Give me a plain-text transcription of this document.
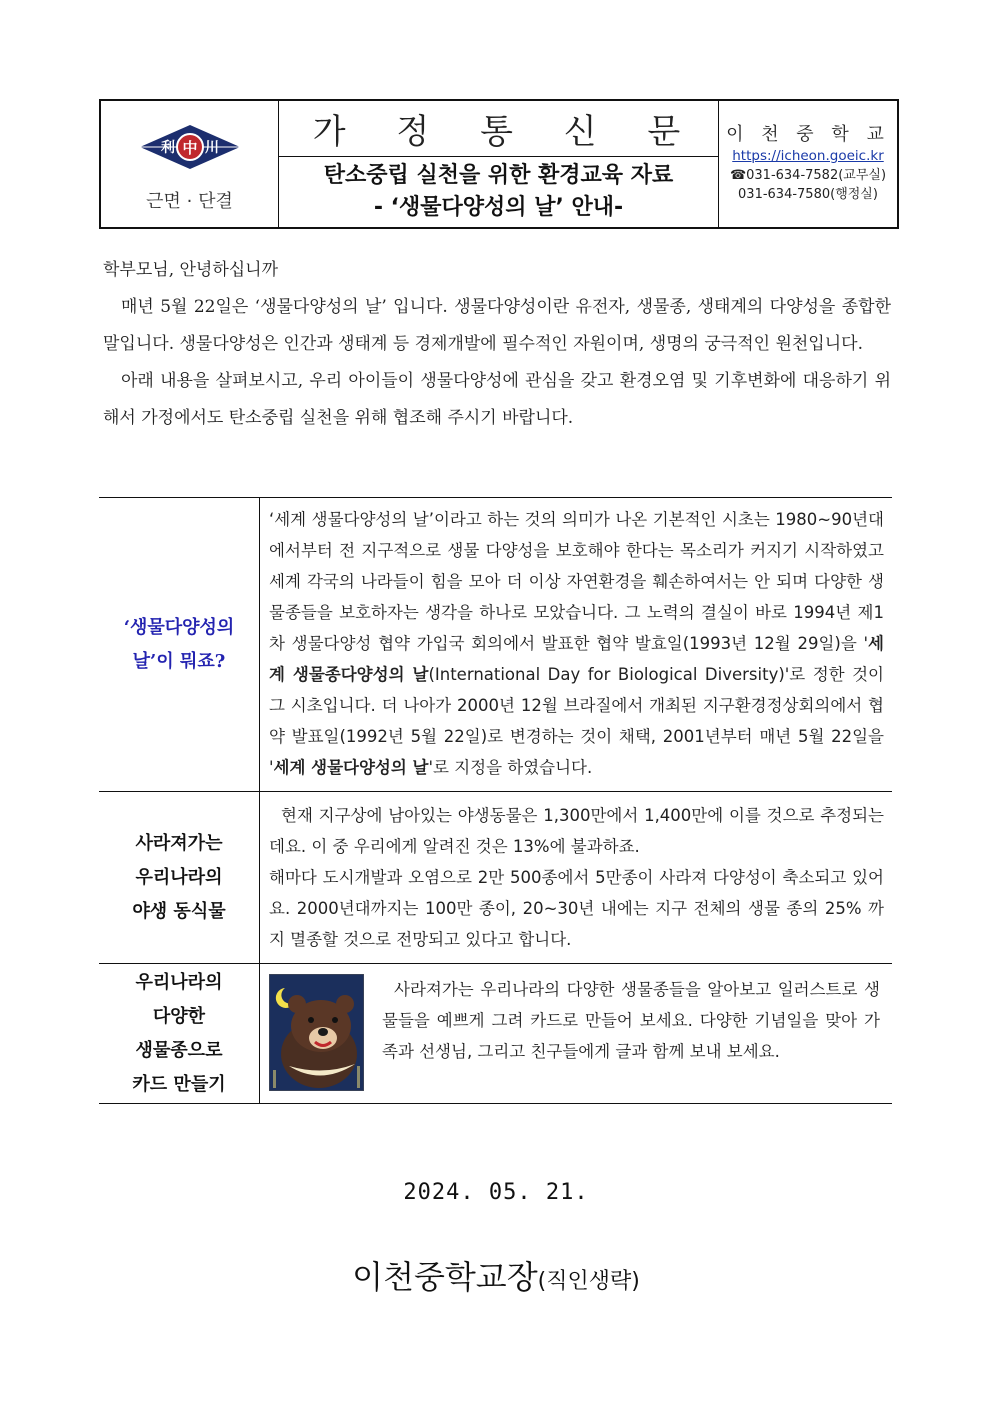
中
利 川
근면 · 단결
가 정 통 신 문
탄소중립 실천을 위한 환경교육 자료
- ‘생물다양성의 날’ 안내-
이 천 중 학 교
https://icheon.goeic.kr
☎031-634-7582(교무실)
031-634-7580(행정실)

학부모님, 안녕하십니까

매년 5월 22일은 ‘생물다양성의 날’ 입니다. 생물다양성이란 유전자, 생물종, 생태계의 다양성을 종합한 말입니다. 생물다양성은 인간과 생태계 등 경제개발에 필수적인 자원이며, 생명의 궁극적인 원천입니다.

아래 내용을 살펴보시고, 우리 아이들이 생물다양성에 관심을 갖고 환경오염 및 기후변화에 대응하기 위해서 가정에서도 탄소중립 실천을 위해 협조해 주시기 바랍니다.

‘생물다양성의 날’이 뭐죠?
‘세계 생물다양성의 날’이라고 하는 것의 의미가 나온 기본적인 시초는 1980~90년대에서부터 전 지구적으로 생물 다양성을 보호해야 한다는 목소리가 커지기 시작하였고 세계 각국의 나라들이 힘을 모아 더 이상 자연환경을 훼손하여서는 안 되며 다양한 생물종들을 보호하자는 생각을 하나로 모았습니다. 그 노력의 결실이 바로 1994년 제1차 생물다양성 협약 가입국 회의에서 발표한 협약 발효일(1993년 12월 29일)을 '세계 생물종다양성의 날(International Day for Biological Diversity)'로 정한 것이 그 시초입니다. 더 나아가 2000년 12월 브라질에서 개최된 지구환경정상회의에서 협약 발표일(1992년 5월 22일)로 변경하는 것이 채택, 2001년부터 매년 5월 22일을 '세계 생물다양성의 날'로 지정을 하였습니다.
사라져가는
우리나라의
야생 동식물
현재 지구상에 남아있는 야생동물은 1,300만에서 1,400만에 이를 것으로 추정되는데요. 이 중 우리에게 알려진 것은 13%에 불과하죠.
해마다 도시개발과 오염으로 2만 500종에서 5만종이 사라져 다양성이 축소되고 있어요. 2000년대까지는 100만 종이, 20~30년 내에는 지구 전체의 생물 종의 25% 까지 멸종할 것으로 전망되고 있다고 합니다.
우리나라의
다양한
생물종으로
카드 만들기
사라져가는 우리나라의 다양한 생물종들을 알아보고 일러스트로 생물들을 예쁘게 그려 카드로 만들어 보세요. 다양한 기념일을 맞아 가족과 선생님, 그리고 친구들에게 글과 함께 보내 보세요.
2024. 05. 21.
이천중학교장(직인생략)
